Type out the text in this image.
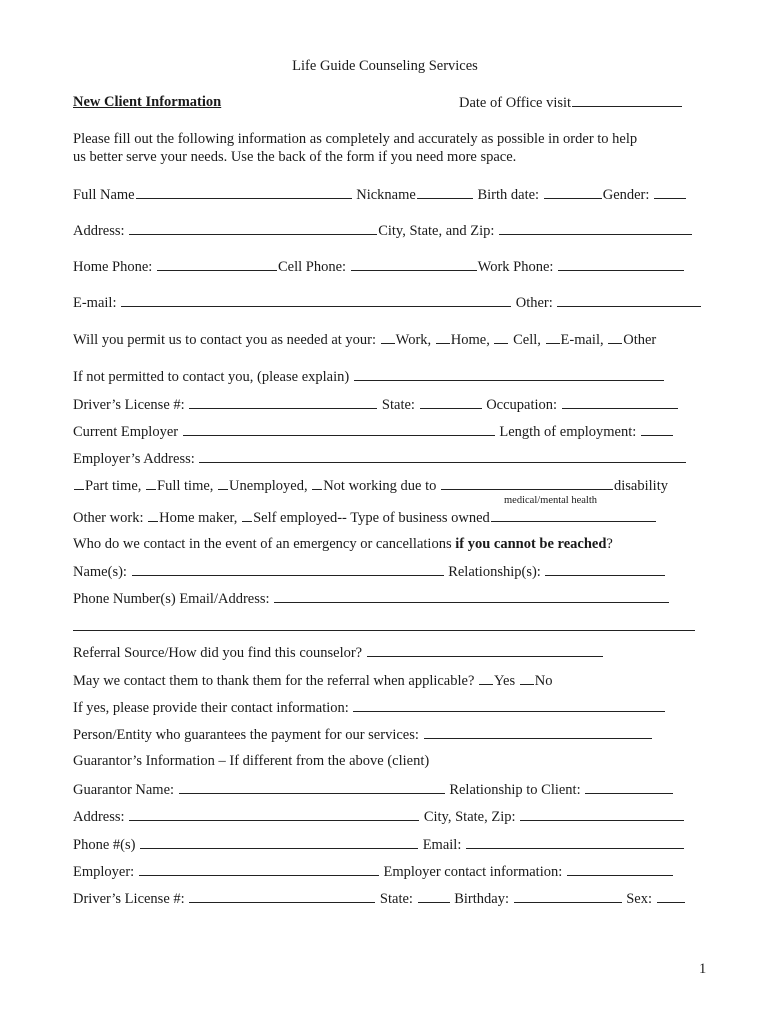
Life Guide Counseling Services
New Client Information	Date of Office visit
Please fill out the following information as completely and accurately as possible in order to help
us better serve your needs. Use the back of the form if you need more space.
Full Name	Nickname	Birth date:	Gender:
Address:	City, State, and Zip:
Home Phone:	Cell Phone:	Work Phone:
E-mail:	Other:
Will you permit us to contact you as needed at your: Work, Home, Cell, E-mail, Other
If not permitted to contact you, (please explain)
Driver’s License #:	State:	Occupation:
Current Employer	Length of employment:
Employer’s Address:
Part time, Full time, Unemployed, Not working due to	disability
medical/mental health
Other work: Home maker, Self employed-- Type of business owned
Who do we contact in the event of an emergency or cancellations if you cannot be reached?
Name(s):	Relationship(s):
Phone Number(s) Email/Address:
Referral Source/How did you find this counselor?
May we contact them to thank them for the referral when applicable? Yes No
If yes, please provide their contact information:
Person/Entity who guarantees the payment for our services:
Guarantor’s Information – If different from the above (client)
Guarantor Name:	Relationship to Client:
Address:	City, State, Zip:
Phone #(s)	Email:
Employer:	Employer contact information:
Driver’s License #:	State:	Birthday:	Sex:
1
